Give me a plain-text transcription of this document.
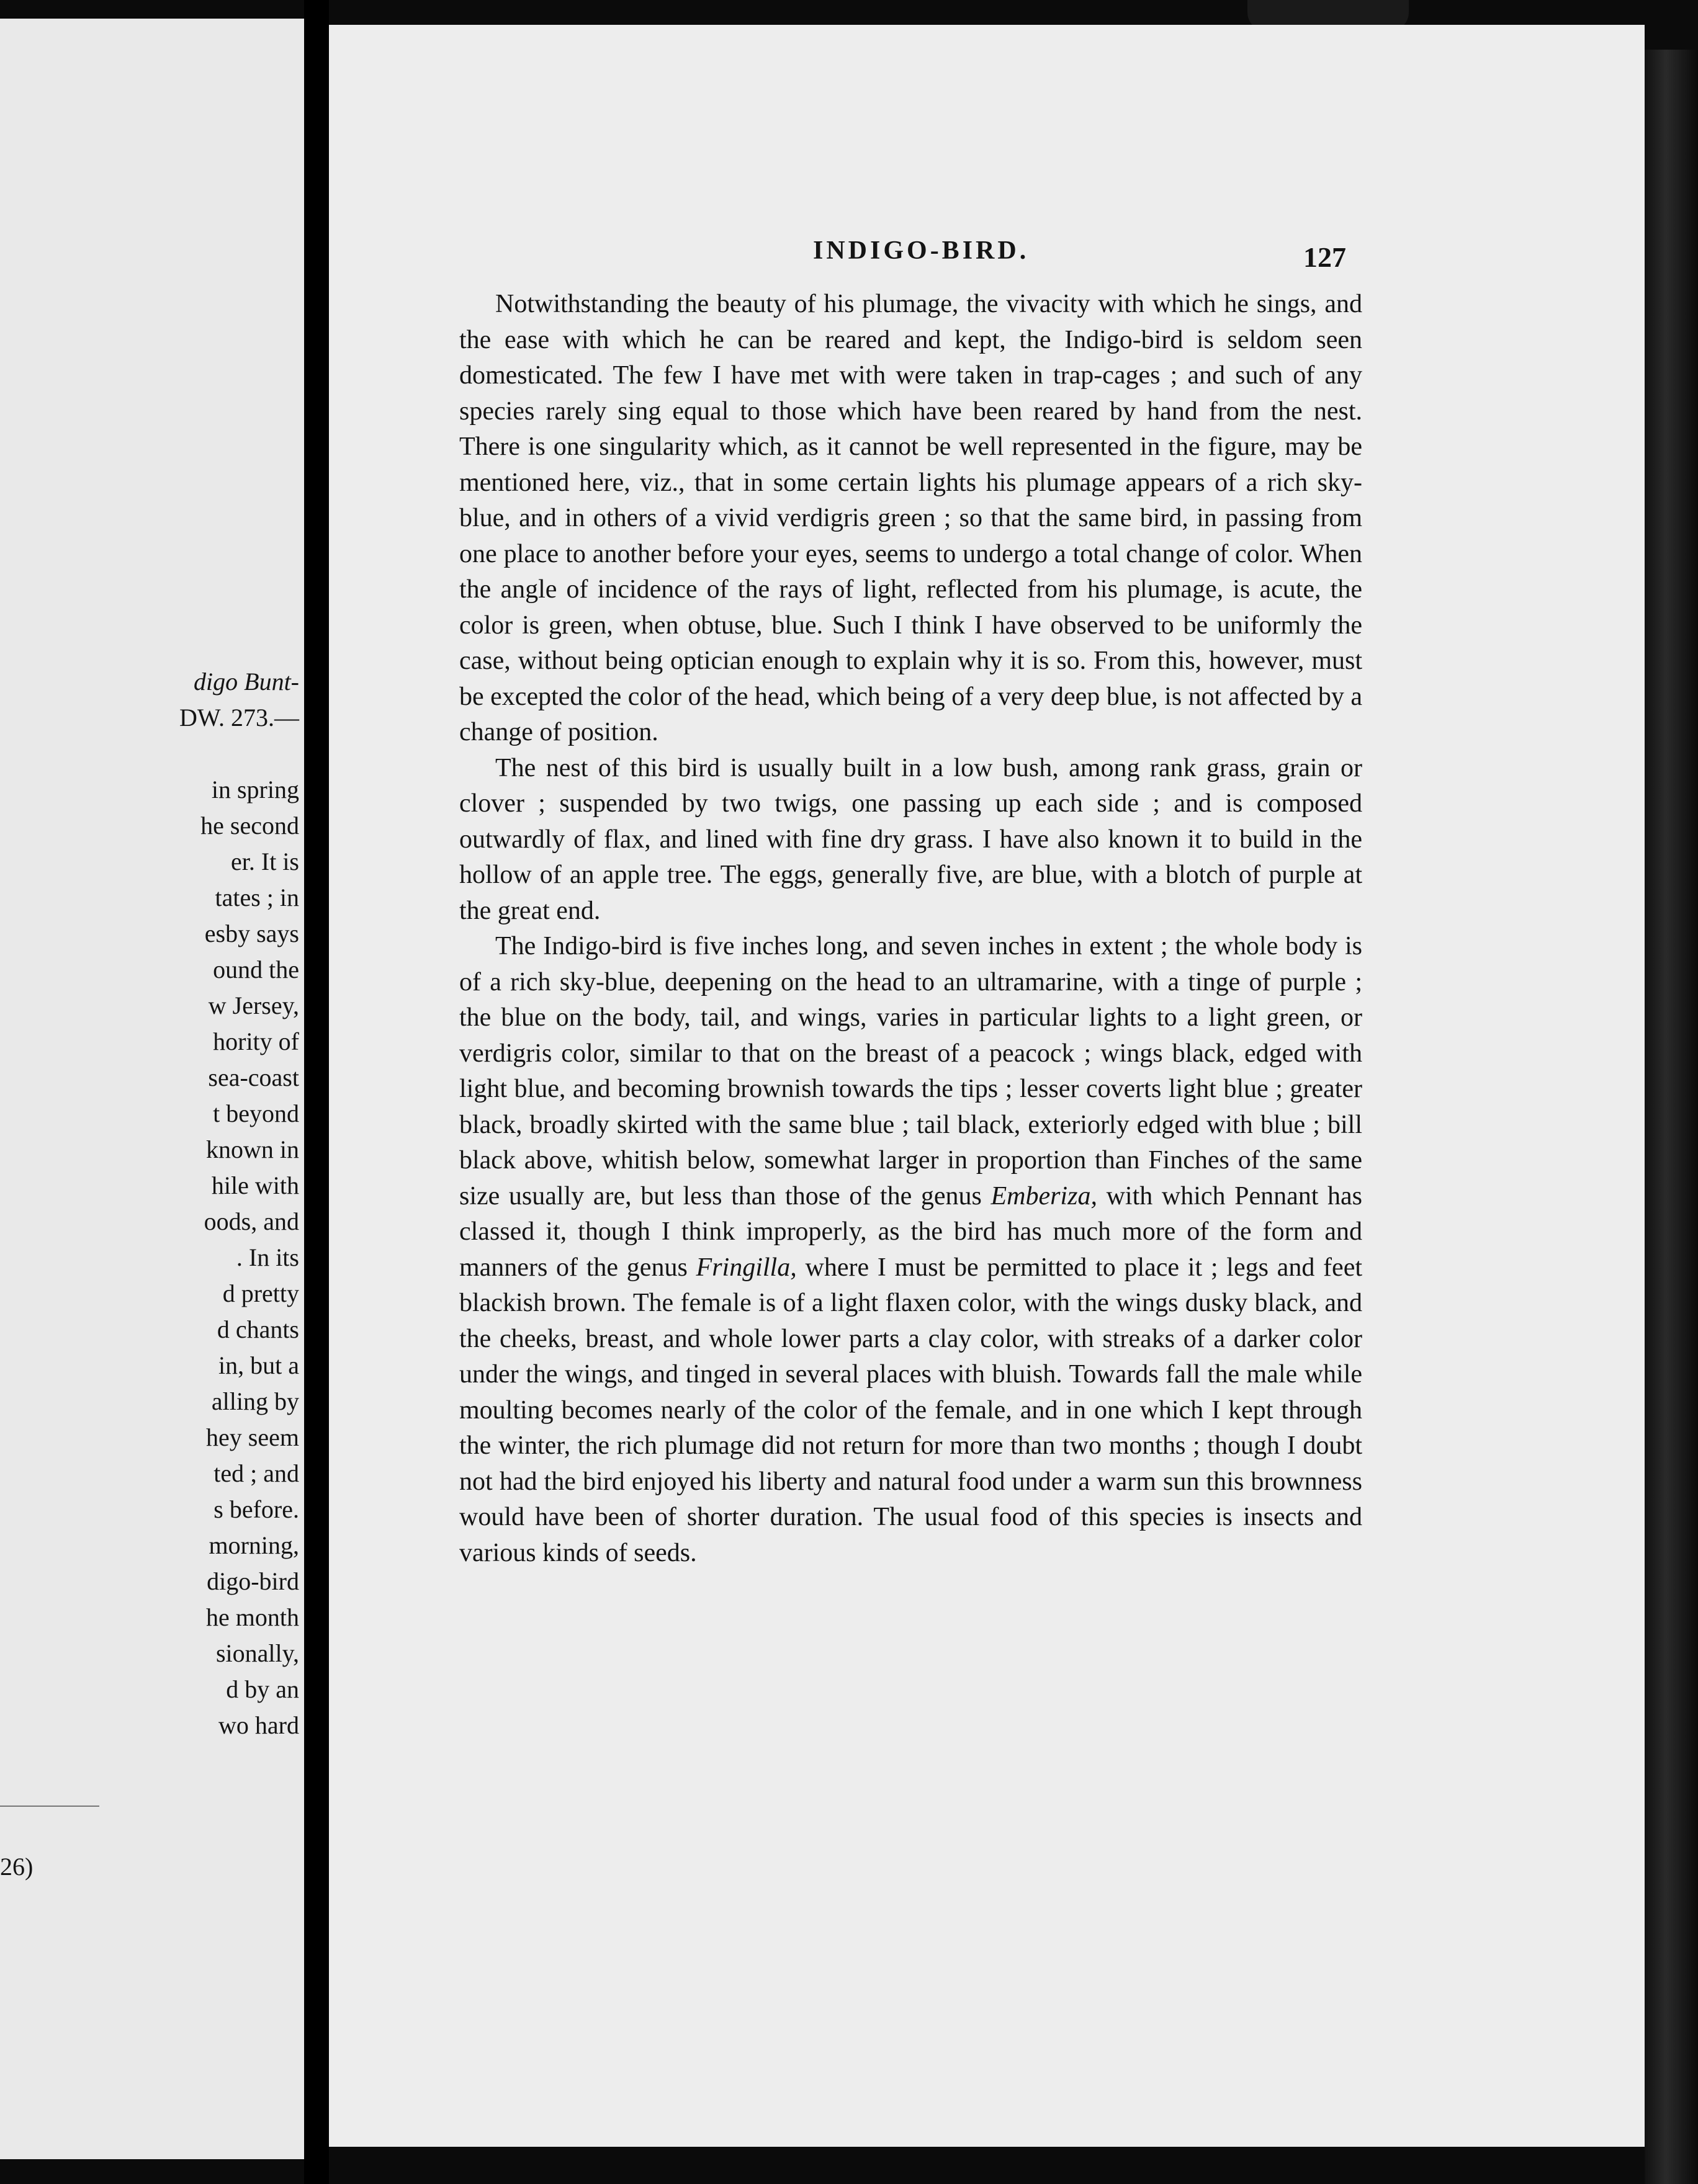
digo Bunt-
DW. 273.—
in spring
he second
er. It is
tates ; in
esby says
ound the
w Jersey,
hority of
sea-coast
t beyond
known in
hile with
oods, and
. In its
d pretty
d chants
in, but a
alling by
hey seem
ted ; and
s before.
morning,
digo-bird
he month
sionally,
d by an
wo hard
26)
INDIGO-BIRD.	127

Notwithstanding the beauty of his plumage, the vivacity with which he sings, and the ease with which he can be reared and kept, the Indigo-bird is seldom seen domesticated. The few I have met with were taken in trap-cages ; and such of any species rarely sing equal to those which have been reared by hand from the nest. There is one singularity which, as it cannot be well represented in the figure, may be mentioned here, viz., that in some certain lights his plumage appears of a rich sky-blue, and in others of a vivid verdigris green ; so that the same bird, in passing from one place to another before your eyes, seems to undergo a total change of color. When the angle of incidence of the rays of light, reflected from his plumage, is acute, the color is green, when obtuse, blue. Such I think I have observed to be uniformly the case, without being optician enough to explain why it is so. From this, however, must be excepted the color of the head, which being of a very deep blue, is not affected by a change of position.

The nest of this bird is usually built in a low bush, among rank grass, grain or clover ; suspended by two twigs, one passing up each side ; and is composed outwardly of flax, and lined with fine dry grass. I have also known it to build in the hollow of an apple tree. The eggs, generally five, are blue, with a blotch of purple at the great end.

The Indigo-bird is five inches long, and seven inches in extent ; the whole body is of a rich sky-blue, deepening on the head to an ultramarine, with a tinge of purple ; the blue on the body, tail, and wings, varies in particular lights to a light green, or verdigris color, similar to that on the breast of a peacock ; wings black, edged with light blue, and becoming brownish towards the tips ; lesser coverts light blue ; greater black, broadly skirted with the same blue ; tail black, exteriorly edged with blue ; bill black above, whitish below, somewhat larger in proportion than Finches of the same size usually are, but less than those of the genus Emberiza, with which Pennant has classed it, though I think improperly, as the bird has much more of the form and manners of the genus Fringilla, where I must be permitted to place it ; legs and feet blackish brown. The female is of a light flaxen color, with the wings dusky black, and the cheeks, breast, and whole lower parts a clay color, with streaks of a darker color under the wings, and tinged in several places with bluish. Towards fall the male while moulting becomes nearly of the color of the female, and in one which I kept through the winter, the rich plumage did not return for more than two months ; though I doubt not had the bird enjoyed his liberty and natural food under a warm sun this brownness would have been of shorter duration. The usual food of this species is insects and various kinds of seeds.
